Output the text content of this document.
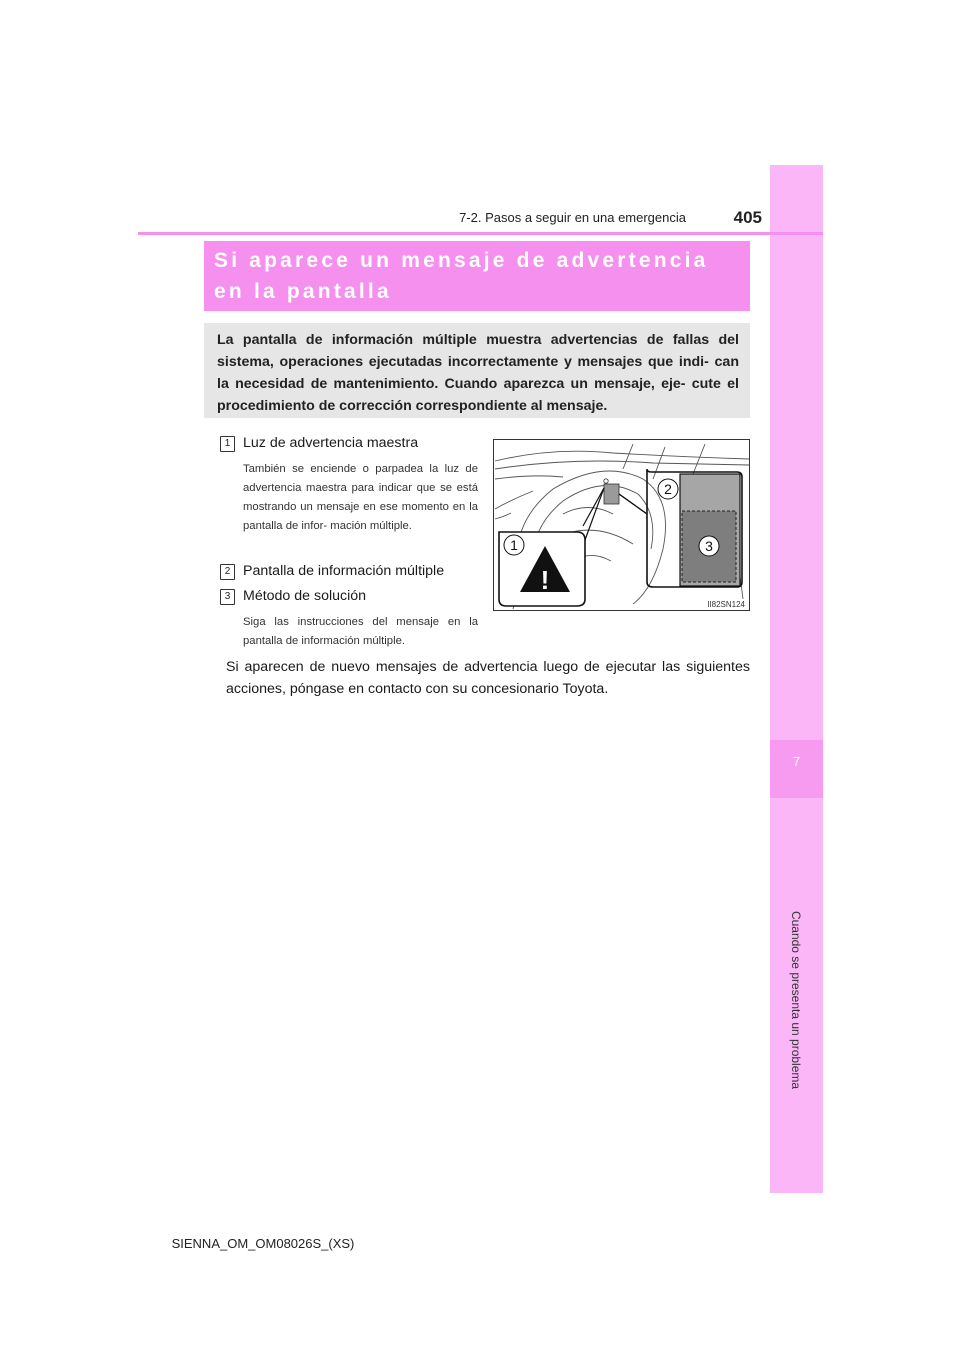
7
Cuando se presenta un problema
7-2. Pasos a seguir en una emergencia	405
Si aparece un mensaje de advertencia en la pantalla
La pantalla de información múltiple muestra advertencias de fallas del sistema, operaciones ejecutadas incorrectamente y mensajes que indi- can la necesidad de mantenimiento. Cuando aparezca un mensaje, eje- cute el procedimiento de corrección correspondiente al mensaje.
1 Luz de advertencia maestra
También se enciende o parpadea la luz de advertencia maestra para indicar que se está mostrando un mensaje en ese momento en la pantalla de infor- mación múltiple.
2 Pantalla de información múltiple
3 Método de solución
Siga las instrucciones del mensaje en la pantalla de información múltiple.
Si aparecen de nuevo mensajes de advertencia luego de ejecutar las siguientes acciones, póngase en contacto con su concesionario Toyota.
!
1
2
3
II82SN124
SIENNA_OM_OM08026S_(XS)
